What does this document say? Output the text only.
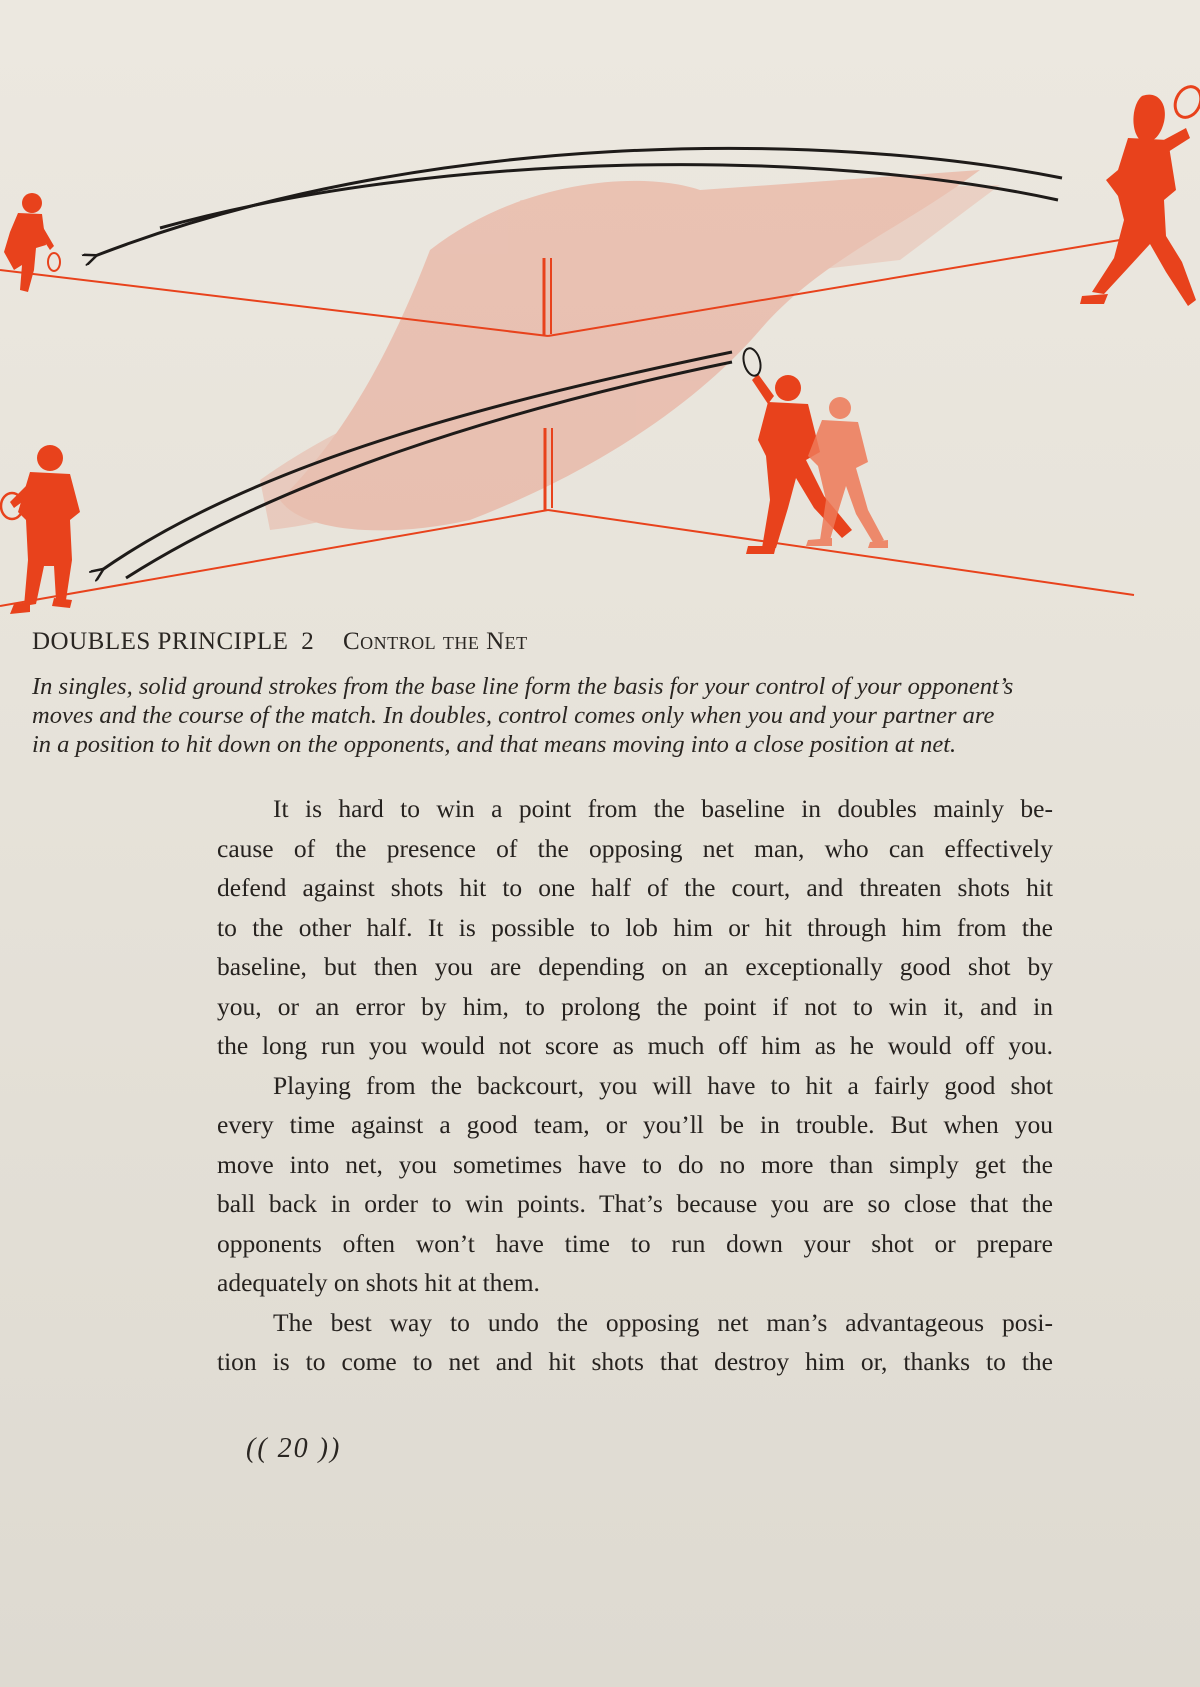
DOUBLES PRINCIPLE 2 Control the Net
In singles, solid ground strokes from the base line form the basis for your control of your opponent’s
moves and the course of the match. In doubles, control comes only when you and your partner are
in a position to hit down on the opponents, and that means moving into a close position at net.
It is hard to win a point from the baseline in doubles mainly be-
cause of the presence of the opposing net man, who can effectively
defend against shots hit to one half of the court, and threaten shots hit
to the other half. It is possible to lob him or hit through him from the
baseline, but then you are depending on an exceptionally good shot by
you, or an error by him, to prolong the point if not to win it, and in
the long run you would not score as much off him as he would off you.
Playing from the backcourt, you will have to hit a fairly good shot
every time against a good team, or you’ll be in trouble. But when you
move into net, you sometimes have to do no more than simply get the
ball back in order to win points. That’s because you are so close that the
opponents often won’t have time to run down your shot or prepare
adequately on shots hit at them.
The best way to undo the opposing net man’s advantageous posi-
tion is to come to net and hit shots that destroy him or, thanks to the
(( 20 ))
